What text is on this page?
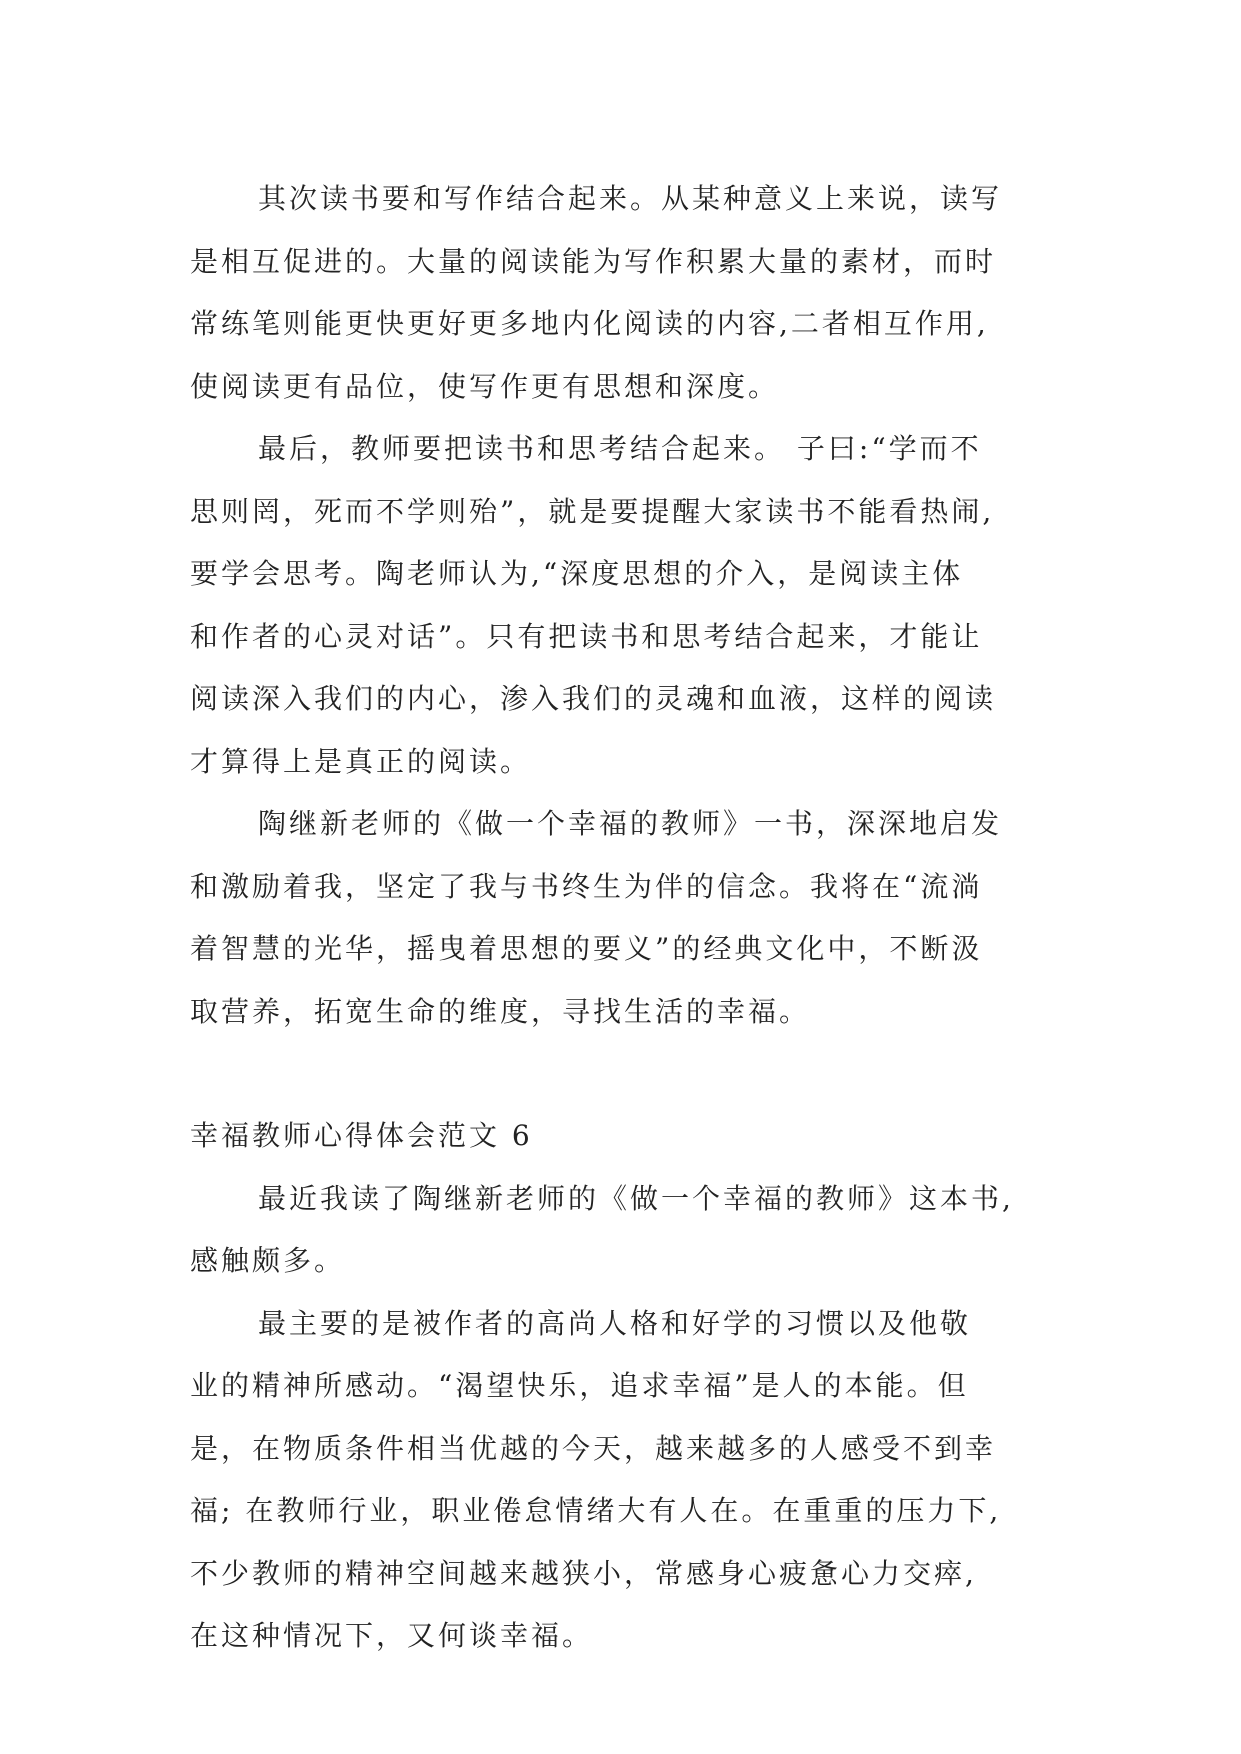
其次读书要和写作结合起来。从某种意义上来说，读写
是相互促进的。大量的阅读能为写作积累大量的素材，而时
常练笔则能更快更好更多地内化阅读的内容,二者相互作用,
使阅读更有品位，使写作更有思想和深度。
最后，教师要把读书和思考结合起来。 子曰:“学而不
思则罔，死而不学则殆”，就是要提醒大家读书不能看热闹,
要学会思考。陶老师认为,“深度思想的介入，是阅读主体
和作者的心灵对话”。只有把读书和思考结合起来，才能让
阅读深入我们的内心，渗入我们的灵魂和血液，这样的阅读
才算得上是真正的阅读。
陶继新老师的《做一个幸福的教师》一书，深深地启发
和激励着我，坚定了我与书终生为伴的信念。我将在“流淌
着智慧的光华，摇曳着思想的要义”的经典文化中，不断汲
取营养，拓宽生命的维度，寻找生活的幸福。
幸福教师心得体会范文 6
最近我读了陶继新老师的《做一个幸福的教师》这本书,
感触颇多。
最主要的是被作者的高尚人格和好学的习惯以及他敬
业的精神所感动。“渴望快乐，追求幸福”是人的本能。但
是，在物质条件相当优越的今天，越来越多的人感受不到幸
福; 在教师行业，职业倦怠情绪大有人在。在重重的压力下,
不少教师的精神空间越来越狭小，常感身心疲惫心力交瘁,
在这种情况下，又何谈幸福。
